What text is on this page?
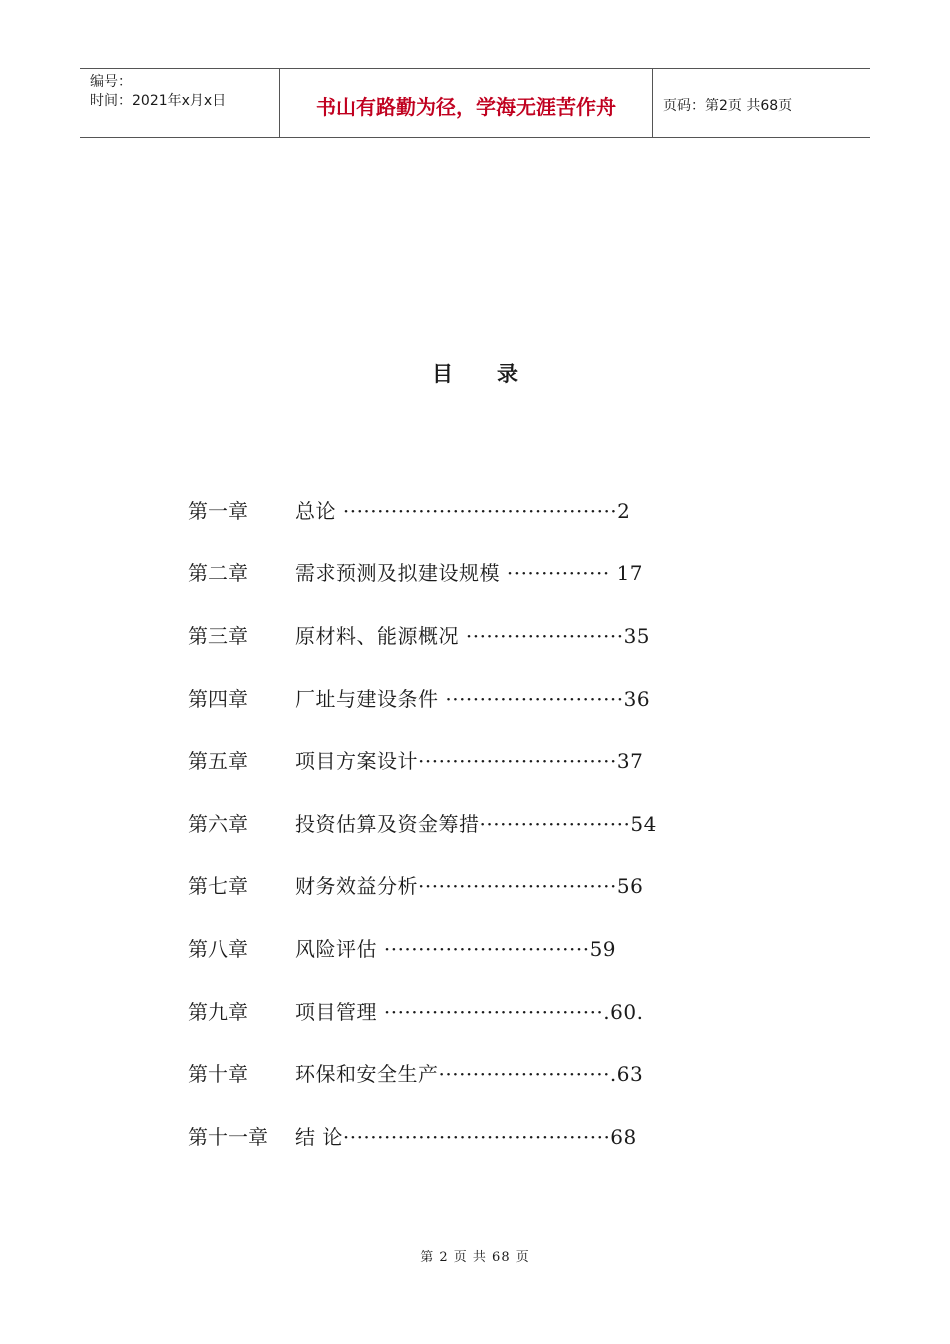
编号：
时间：2021年x月x日	书山有路勤为径，学海无涯苦作舟	页码：第2页 共68页
目录
第一章	总论 ········································2
第二章	需求预测及拟建设规模 ··············· 17
第三章	原材料、能源概况 ·······················35
第四章	厂址与建设条件 ··························36
第五章	项目方案设计·····························37
第六章	投资估算及资金筹措······················54
第七章	财务效益分析·····························56
第八章	风险评估 ······························59
第九章	项目管理 ································.60.
第十章	环保和安全生产·························.63
第十一章	结 论·······································68
第 2 页 共 68 页
